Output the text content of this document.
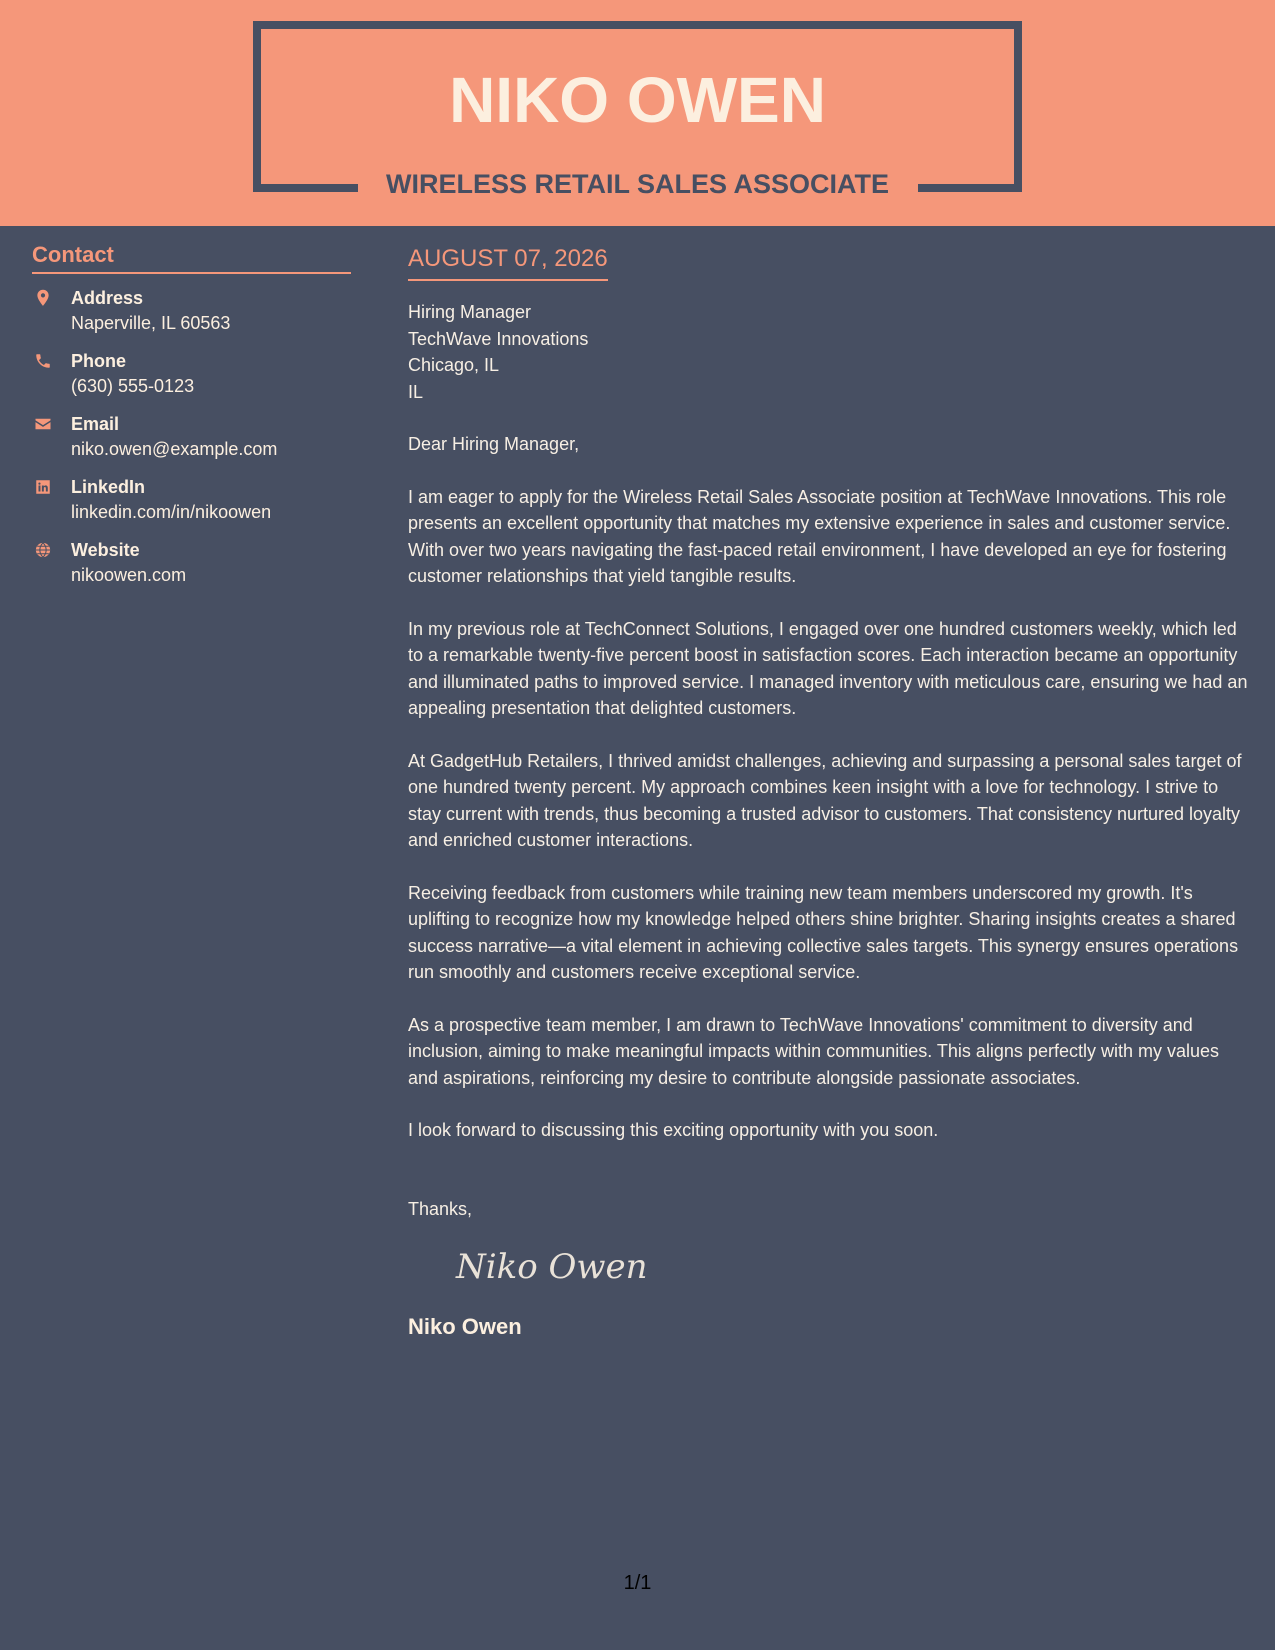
NIKO OWEN
WIRELESS RETAIL SALES ASSOCIATE
Contact
Address
Naperville, IL 60563
Phone
(630) 555-0123
Email
niko.owen@example.com
LinkedIn
linkedin.com/in/nikoowen
Website
nikoowen.com
AUGUST 07, 2026
Hiring Manager
TechWave Innovations
Chicago, IL
IL
Dear Hiring Manager,
I am eager to apply for the Wireless Retail Sales Associate position at TechWave Innovations. This role presents an excellent opportunity that matches my extensive experience in sales and customer service. With over two years navigating the fast-paced retail environment, I have developed an eye for fostering customer relationships that yield tangible results.
In my previous role at TechConnect Solutions, I engaged over one hundred customers weekly, which led to a remarkable twenty-five percent boost in satisfaction scores. Each interaction became an opportunity and illuminated paths to improved service. I managed inventory with meticulous care, ensuring we had an appealing presentation that delighted customers.
At GadgetHub Retailers, I thrived amidst challenges, achieving and surpassing a personal sales target of one hundred twenty percent. My approach combines keen insight with a love for technology. I strive to stay current with trends, thus becoming a trusted advisor to customers. That consistency nurtured loyalty and enriched customer interactions.
Receiving feedback from customers while training new team members underscored my growth. It's uplifting to recognize how my knowledge helped others shine brighter. Sharing insights creates a shared success narrative—a vital element in achieving collective sales targets. This synergy ensures operations run smoothly and customers receive exceptional service.
As a prospective team member, I am drawn to TechWave Innovations' commitment to diversity and inclusion, aiming to make meaningful impacts within communities. This aligns perfectly with my values and aspirations, reinforcing my desire to contribute alongside passionate associates.
I look forward to discussing this exciting opportunity with you soon.
Thanks,
Niko Owen
Niko Owen
1/1
